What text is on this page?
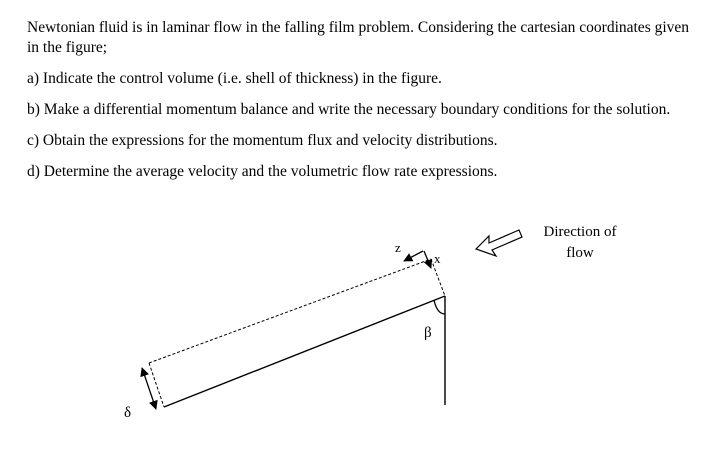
Newtonian fluid is in laminar flow in the falling film problem. Considering the cartesian coordinates given in the figure;

a) Indicate the control volume (i.e. shell of thickness) in the figure.
b) Make a differential momentum balance and write the necessary boundary conditions for the solution.
c) Obtain the expressions for the momentum flux and velocity distributions.
d) Determine the average velocity and the volumetric flow rate expressions.
δ
z
x
β
Direction of
flow
